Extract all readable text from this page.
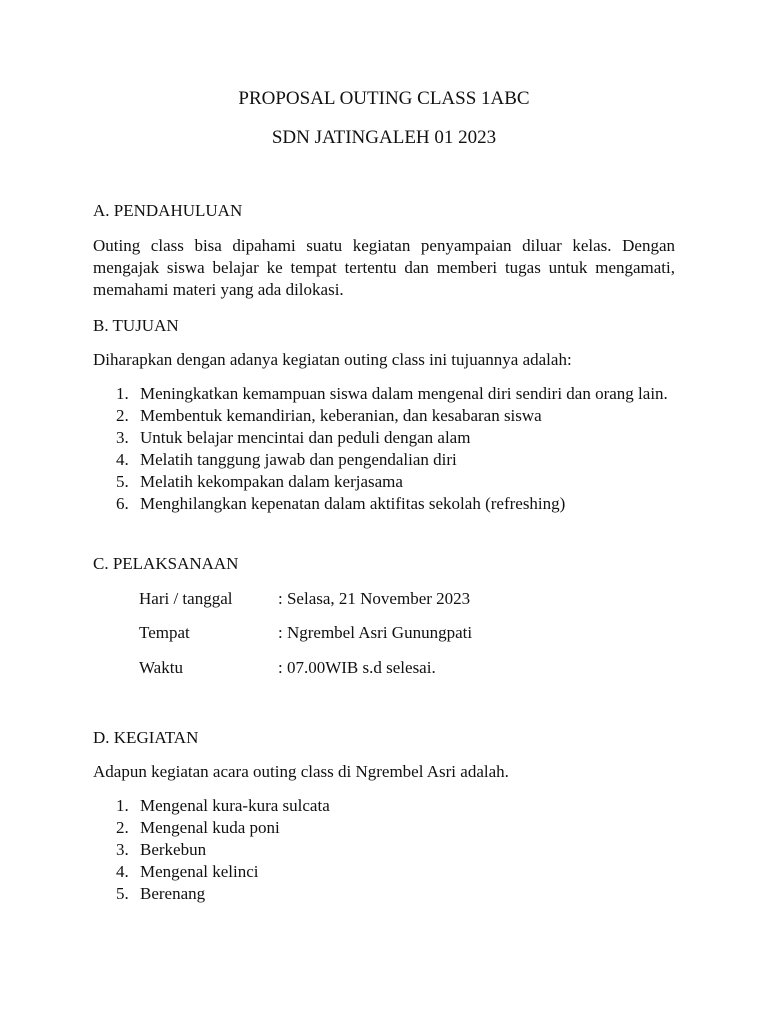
PROPOSAL OUTING CLASS 1ABC
SDN JATINGALEH 01 2023
A. PENDAHULUAN
Outing class bisa dipahami suatu kegiatan penyampaian diluar kelas. Dengan mengajak siswa belajar ke tempat tertentu dan memberi tugas untuk mengamati, memahami materi yang ada dilokasi.
B. TUJUAN
Diharapkan dengan adanya kegiatan outing class ini tujuannya adalah:
1. Meningkatkan kemampuan siswa dalam mengenal diri sendiri dan orang lain.
2. Membentuk kemandirian, keberanian, dan kesabaran siswa
3. Untuk belajar mencintai dan peduli dengan alam
4. Melatih tanggung jawab dan pengendalian diri
5. Melatih kekompakan dalam kerjasama
6. Menghilangkan kepenatan dalam aktifitas sekolah (refreshing)
C. PELAKSANAAN
Hari / tanggal	: Selasa, 21 November 2023
Tempat	: Ngrembel Asri Gunungpati
Waktu	: 07.00WIB s.d selesai.
D. KEGIATAN
Adapun kegiatan acara outing class di Ngrembel Asri adalah.
1. Mengenal kura-kura sulcata
2. Mengenal kuda poni
3. Berkebun
4. Mengenal kelinci
5. Berenang
